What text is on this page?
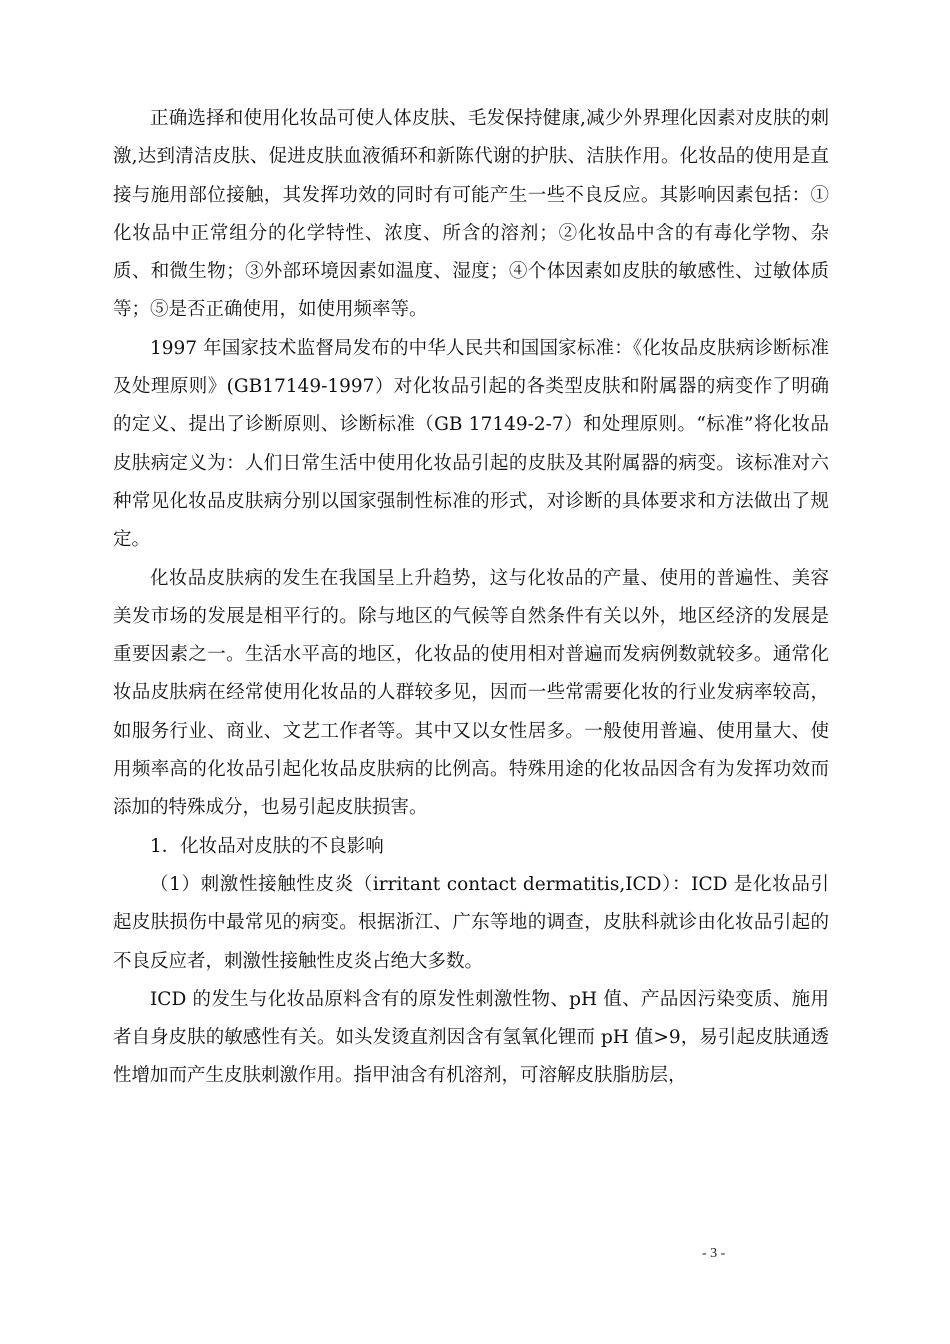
正确选择和使用化妆品可使人体皮肤、毛发保持健康,减少外界理化因素对皮肤的刺激,达到清洁皮肤、促进皮肤血液循环和新陈代谢的护肤、洁肤作用。化妆品的使用是直接与施用部位接触，其发挥功效的同时有可能产生一些不良反应。其影响因素包括：①化妆品中正常组分的化学特性、浓度、所含的溶剂；②化妆品中含的有毒化学物、杂质、和微生物；③外部环境因素如温度、湿度；④个体因素如皮肤的敏感性、过敏体质等；⑤是否正确使用，如使用频率等。

1997 年国家技术监督局发布的中华人民共和国国家标准：《化妆品皮肤病诊断标准及处理原则》(GB17149-1997）对化妆品引起的各类型皮肤和附属器的病变作了明确的定义、提出了诊断原则、诊断标准（GB 17149-2-7）和处理原则。“标准”将化妆品皮肤病定义为：人们日常生活中使用化妆品引起的皮肤及其附属器的病变。该标准对六种常见化妆品皮肤病分别以国家强制性标准的形式，对诊断的具体要求和方法做出了规定。

化妆品皮肤病的发生在我国呈上升趋势，这与化妆品的产量、使用的普遍性、美容美发市场的发展是相平行的。除与地区的气候等自然条件有关以外，地区经济的发展是重要因素之一。生活水平高的地区，化妆品的使用相对普遍而发病例数就较多。通常化妆品皮肤病在经常使用化妆品的人群较多见，因而一些常需要化妆的行业发病率较高，如服务行业、商业、文艺工作者等。其中又以女性居多。一般使用普遍、使用量大、使用频率高的化妆品引起化妆品皮肤病的比例高。特殊用途的化妆品因含有为发挥功效而添加的特殊成分，也易引起皮肤损害。

1．化妆品对皮肤的不良影响

（1）刺激性接触性皮炎（irritant contact dermatitis,ICD）：ICD 是化妆品引起皮肤损伤中最常见的病变。根据浙江、广东等地的调查，皮肤科就诊由化妆品引起的不良反应者，刺激性接触性皮炎占绝大多数。

ICD 的发生与化妆品原料含有的原发性刺激性物、pH 值、产品因污染变质、施用者自身皮肤的敏感性有关。如头发烫直剂因含有氢氧化锂而 pH 值>9，易引起皮肤通透性增加而产生皮肤刺激作用。指甲油含有机溶剂，可溶解皮肤脂肪层，

- 3 -
